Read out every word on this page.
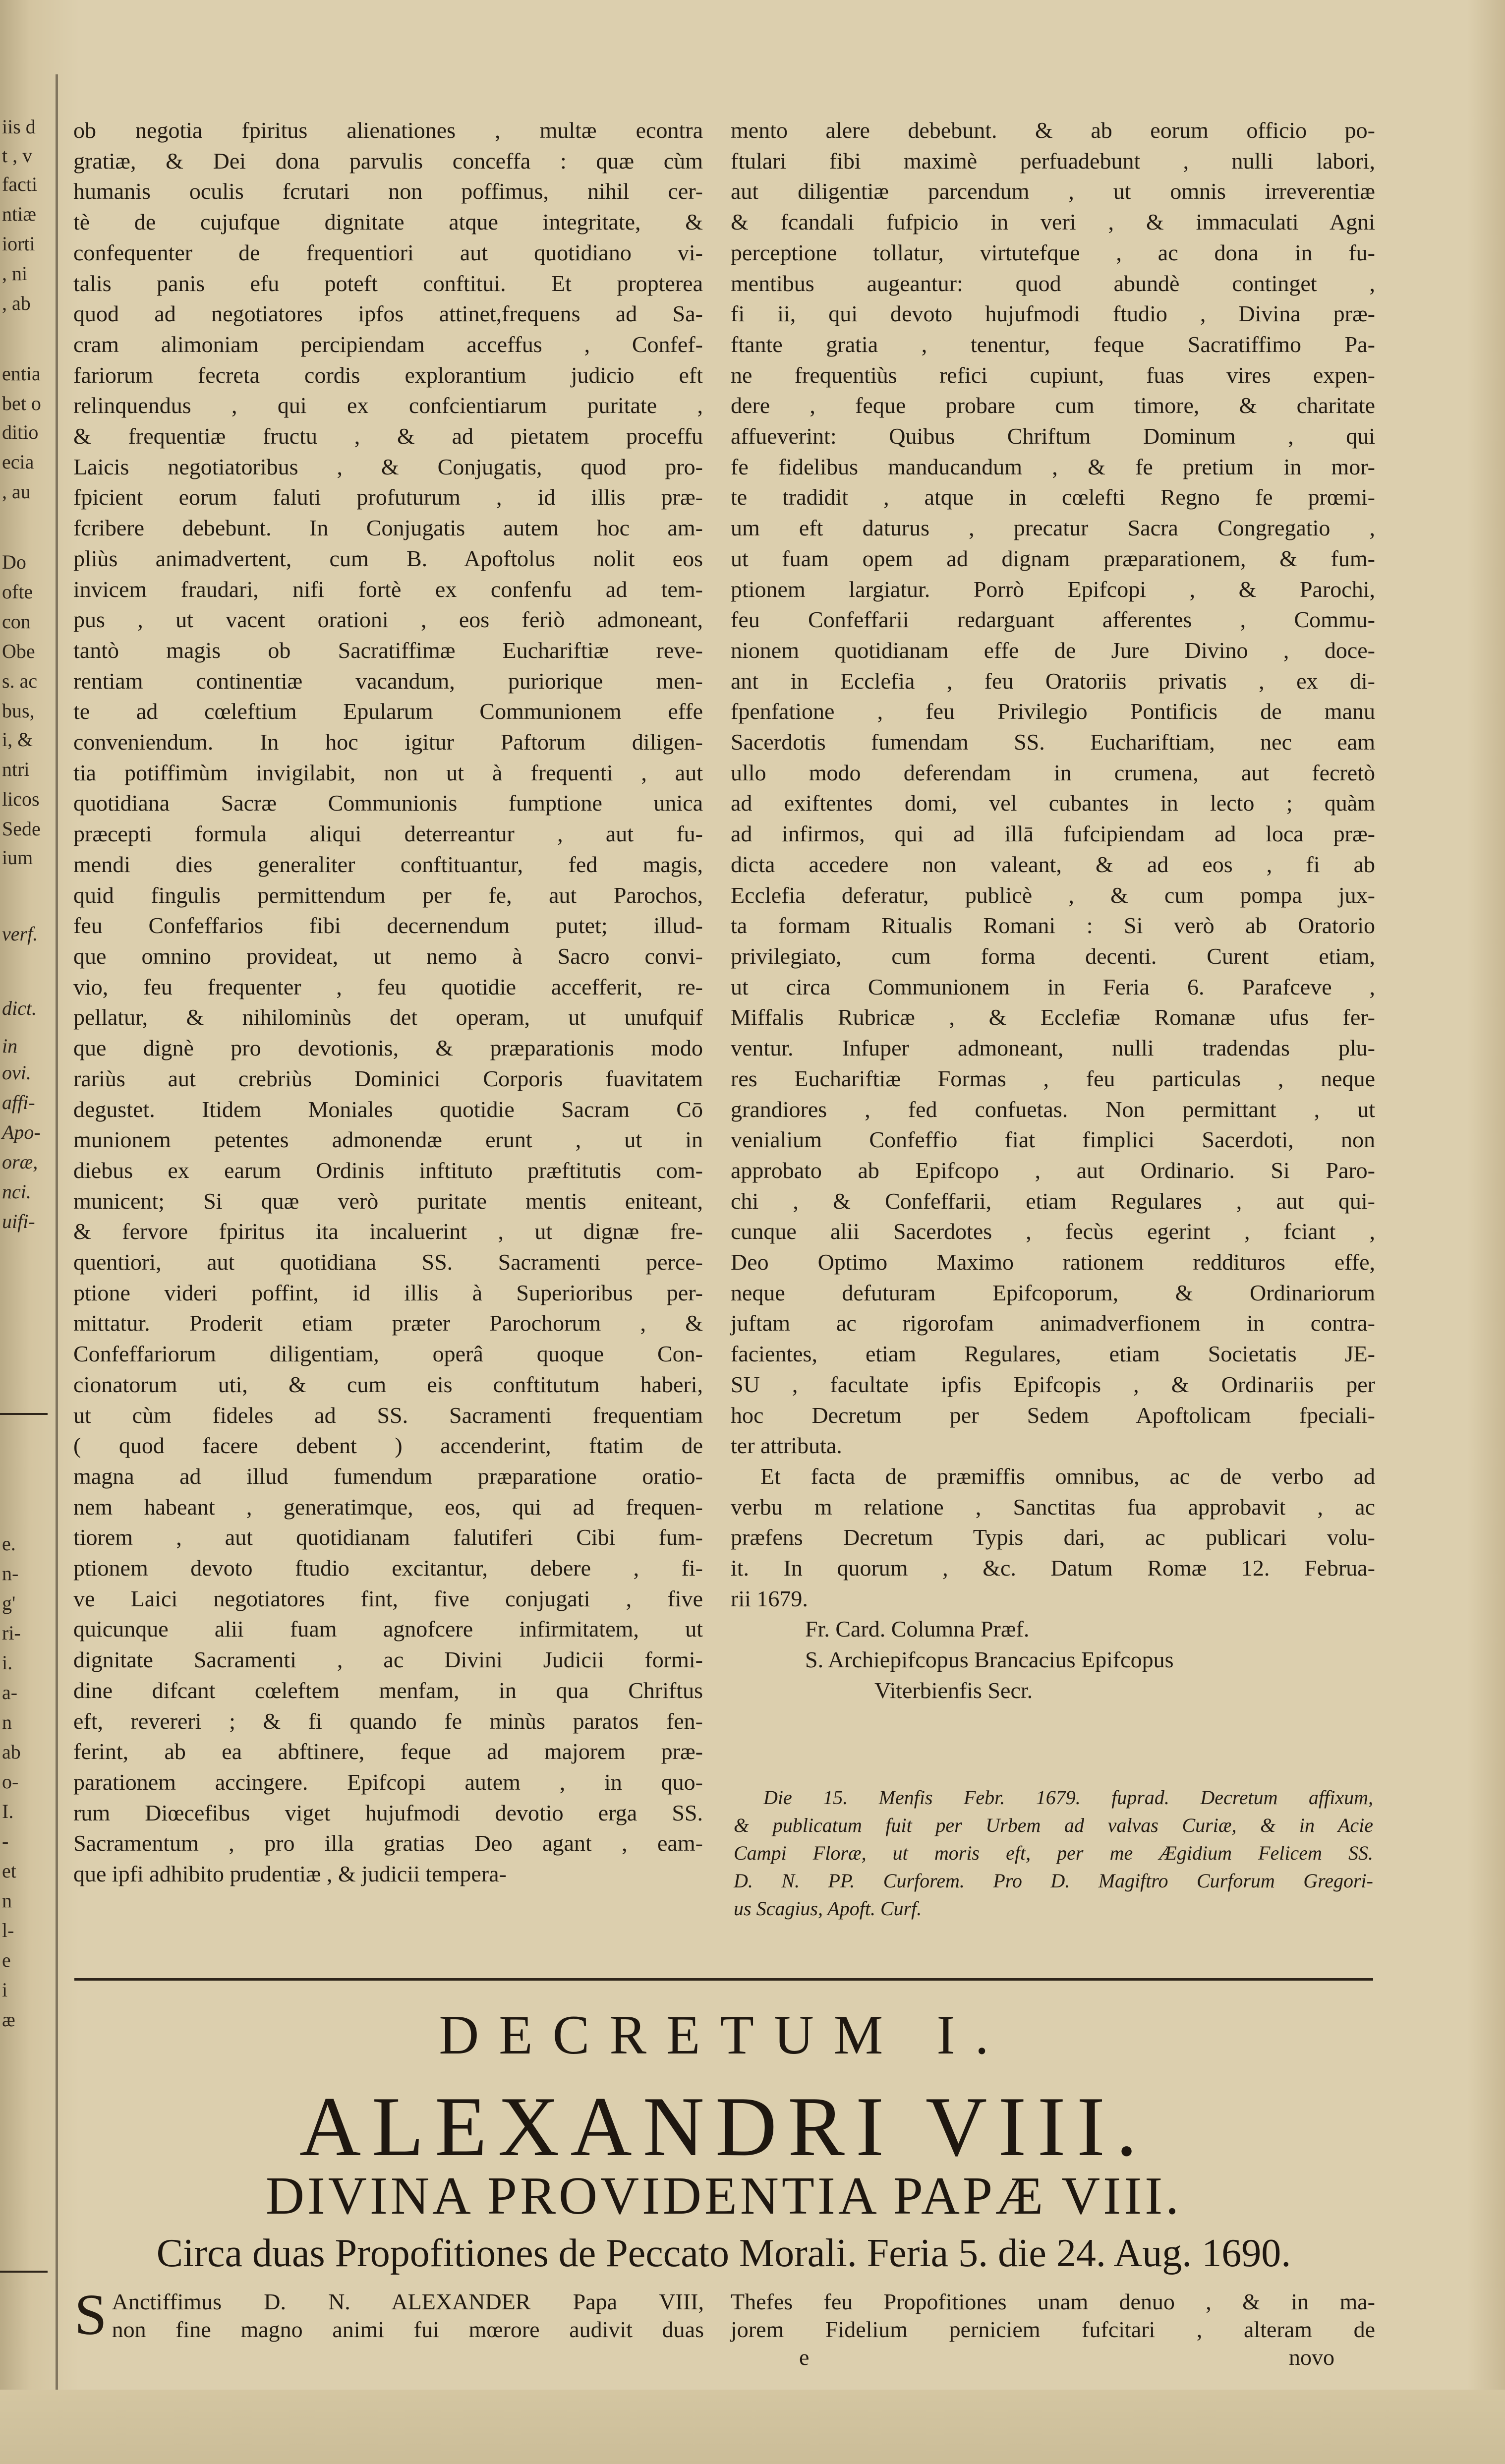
iis d
t , v
facti
ntiæ
iorti
, ni
, ab
entia
bet o
ditio
ecia
, au
Do
ofte
con
Obe
s. ac
bus,
i, &
ntri
licos
Sede
ium
verf.
dict.
in
ovi.
affi-
Apo-
oræ,
nci.
uifi-
e.
n-
g'
ri-
i.
a-
n
ab
o-
I.
-
et
n
l-
e
i
æ
ob negotia fpiritus alienationes , multæ econtra
gratiæ, & Dei dona parvulis conceffa : quæ cùm
humanis oculis fcrutari non poffimus, nihil cer-
tè de cujufque dignitate atque integritate, &
confequenter de frequentiori aut quotidiano vi-
talis panis efu poteft conftitui. Et propterea
quod ad negotiatores ipfos attinet,frequens ad Sa-
cram alimoniam percipiendam acceffus , Confef-
fariorum fecreta cordis explorantium judicio eft
relinquendus , qui ex confcientiarum puritate ,
& frequentiæ fructu , & ad pietatem proceffu
Laicis negotiatoribus , & Conjugatis, quod pro-
fpicient eorum faluti profuturum , id illis præ-
fcribere debebunt. In Conjugatis autem hoc am-
pliùs animadvertent, cum B. Apoftolus nolit eos
invicem fraudari, nifi fortè ex confenfu ad tem-
pus , ut vacent orationi , eos feriò admoneant,
tantò magis ob Sacratiffimæ Euchariftiæ reve-
rentiam continentiæ vacandum, puriorique men-
te ad cœleftium Epularum Communionem effe
conveniendum. In hoc igitur Paftorum diligen-
tia potiffimùm invigilabit, non ut à frequenti , aut
quotidiana Sacræ Communionis fumptione unica
præcepti formula aliqui deterreantur , aut fu-
mendi dies generaliter conftituantur, fed magis,
quid fingulis permittendum per fe, aut Parochos,
feu Confeffarios fibi decernendum putet; illud-
que omnino provideat, ut nemo à Sacro convi-
vio, feu frequenter , feu quotidie accefferit, re-
pellatur, & nihilominùs det operam, ut unufquif
que dignè pro devotionis, & præparationis modo
rariùs aut crebriùs Dominici Corporis fuavitatem
degustet. Itidem Moniales quotidie Sacram Cō
munionem petentes admonendæ erunt , ut in
diebus ex earum Ordinis inftituto præftitutis com-
municent; Si quæ verò puritate mentis eniteant,
& fervore fpiritus ita incaluerint , ut dignæ fre-
quentiori, aut quotidiana SS. Sacramenti perce-
ptione videri poffint, id illis à Superioribus per-
mittatur. Proderit etiam præter Parochorum , &
Confeffariorum diligentiam, operâ quoque Con-
cionatorum uti, & cum eis conftitutum haberi,
ut cùm fideles ad SS. Sacramenti frequentiam
( quod facere debent ) accenderint, ftatim de
magna ad illud fumendum præparatione oratio-
nem habeant , generatimque, eos, qui ad frequen-
tiorem , aut quotidianam falutiferi Cibi fum-
ptionem devoto ftudio excitantur, debere , fi-
ve Laici negotiatores fint, five conjugati , five
quicunque alii fuam agnofcere infirmitatem, ut
dignitate Sacramenti , ac Divini Judicii formi-
dine difcant cœleftem menfam, in qua Chriftus
eft, revereri ; & fi quando fe minùs paratos fen-
ferint, ab ea abftinere, feque ad majorem præ-
parationem accingere. Epifcopi autem , in quo-
rum Diœcefibus viget hujufmodi devotio erga SS.
Sacramentum , pro illa gratias Deo agant , eam-
que ipfi adhibito prudentiæ , & judicii tempera-
mento alere debebunt. & ab eorum officio po-
ftulari fibi maximè perfuadebunt , nulli labori,
aut diligentiæ parcendum , ut omnis irreverentiæ
& fcandali fufpicio in veri , & immaculati Agni
perceptione tollatur, virtutefque , ac dona in fu-
mentibus augeantur: quod abundè continget ,
fi ii, qui devoto hujufmodi ftudio , Divina præ-
ftante gratia , tenentur, feque Sacratiffimo Pa-
ne frequentiùs refici cupiunt, fuas vires expen-
dere , feque probare cum timore, & charitate
affueverint: Quibus Chriftum Dominum , qui
fe fidelibus manducandum , & fe pretium in mor-
te tradidit , atque in cœlefti Regno fe prœmi-
um eft daturus , precatur Sacra Congregatio ,
ut fuam opem ad dignam præparationem, & fum-
ptionem largiatur. Porrò Epifcopi , & Parochi,
feu Confeffarii redarguant afferentes , Commu-
nionem quotidianam effe de Jure Divino , doce-
ant in Ecclefia , feu Oratoriis privatis , ex di-
fpenfatione , feu Privilegio Pontificis de manu
Sacerdotis fumendam SS. Euchariftiam, nec eam
ullo modo deferendam in crumena, aut fecretò
ad exiftentes domi, vel cubantes in lecto ; quàm
ad infirmos, qui ad illā fufcipiendam ad loca præ-
dicta accedere non valeant, & ad eos , fi ab
Ecclefia deferatur, publicè , & cum pompa jux-
ta formam Ritualis Romani : Si verò ab Oratorio
privilegiato, cum forma decenti. Curent etiam,
ut circa Communionem in Feria 6. Parafceve ,
Miffalis Rubricæ , & Ecclefiæ Romanæ ufus fer-
ventur. Infuper admoneant, nulli tradendas plu-
res Euchariftiæ Formas , feu particulas , neque
grandiores , fed confuetas. Non permittant , ut
venialium Confeffio fiat fimplici Sacerdoti, non
approbato ab Epifcopo , aut Ordinario. Si Paro-
chi , & Confeffarii, etiam Regulares , aut qui-
cunque alii Sacerdotes , fecùs egerint , fciant ,
Deo Optimo Maximo rationem reddituros effe,
neque defuturam Epifcoporum, & Ordinariorum
juftam ac rigorofam animadverfionem in contra-
facientes, etiam Regulares, etiam Societatis JE-
SU , facultate ipfis Epifcopis , & Ordinariis per
hoc Decretum per Sedem Apoftolicam fpeciali-
ter attributa.
Et facta de præmiffis omnibus, ac de verbo ad
verbu m relatione , Sanctitas fua approbavit , ac
præfens Decretum Typis dari, ac publicari volu-
it. In quorum , &c. Datum Romæ 12. Februa-
rii 1679.
Fr. Card. Columna Præf.
S. Archiepifcopus Brancacius Epifcopus
Viterbienfis Secr.
Die 15. Menfis Febr. 1679. fuprad. Decretum affixum,
& publicatum fuit per Urbem ad valvas Curiæ, & in Acie
Campi Floræ, ut moris eft, per me Ægidium Felicem SS.
D. N. PP. Curforem. Pro D. Magiftro Curforum Gregori-
us Scagius, Apoft. Curf.
DECRETUM I.
ALEXANDRI VIII.
DIVINA PROVIDENTIA PAPÆ VIII.
Circa duas Propofitiones de Peccato Morali. Feria 5. die 24. Aug. 1690.
S Anctiffimus D. N. ALEXANDER Papa VIII,
non fine magno animi fui mœrore audivit duas
Thefes feu Propofitiones unam denuo , & in ma-
jorem Fidelium perniciem fufcitari , alteram de
e	novo
